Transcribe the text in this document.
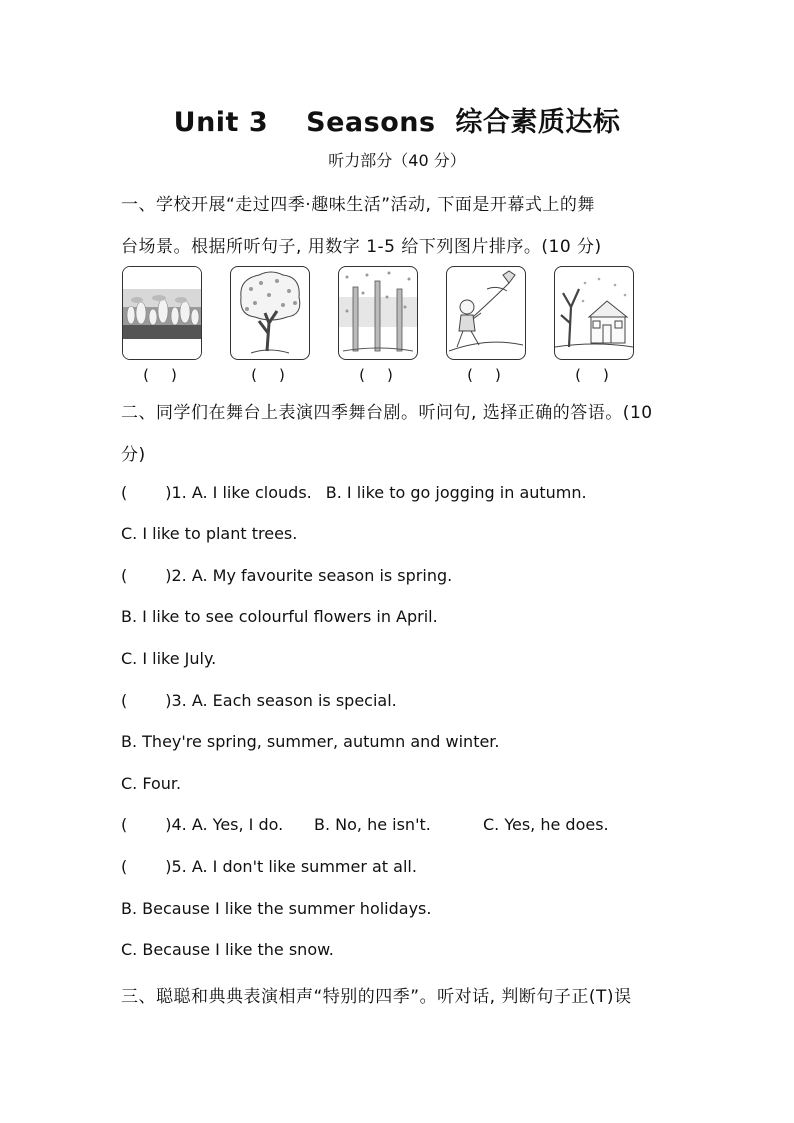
Unit 3 Seasons 综合素质达标
听力部分（40 分）
一、学校开展“走过四季·趣味生活”活动, 下面是开幕式上的舞
台场景。根据所听句子, 用数字 1-5 给下列图片排序。(10 分)
( )	( )	( )	( )	( )
二、同学们在舞台上表演四季舞台剧。听问句, 选择正确的答语。(10
分)
( )1. A. I like clouds. B. I like to go jogging in autumn.
C. I like to plant trees.
( )2. A. My favourite season is spring.
B. I like to see colourful flowers in April.
C. I like July.
( )3. A. Each season is special.
B. They're spring, summer, autumn and winter.
C. Four.
( )4. A. Yes, I do. B. No, he isn't.	C. Yes, he does.
( )5. A. I don't like summer at all.
B. Because I like the summer holidays.
C. Because I like the snow.
三、聪聪和典典表演相声“特别的四季”。听对话, 判断句子正(T)误
